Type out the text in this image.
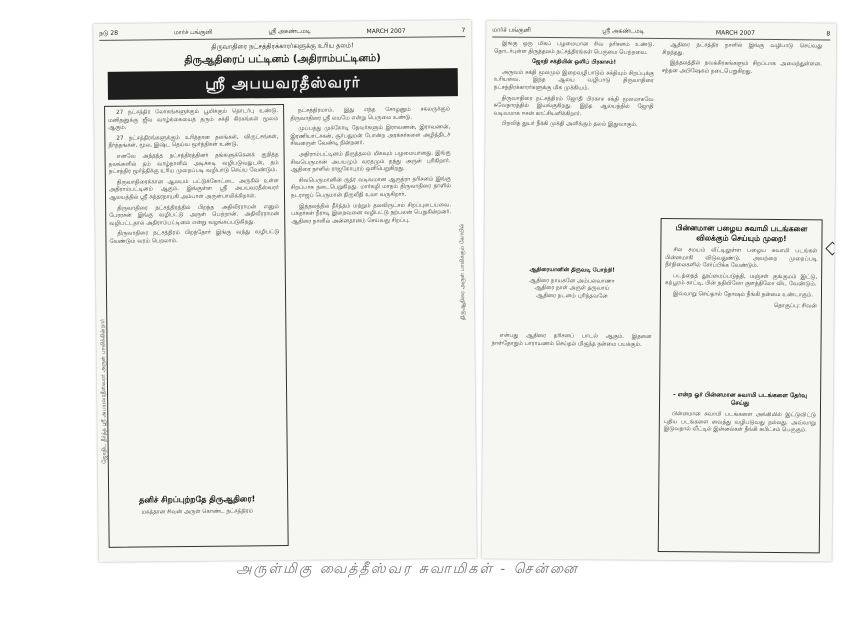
நடு 28	மார்ச் பங்குனி	ஸ்ரீ அகண்டமடி	MARCH 2007	7
திருவாதிரை நட்சத்திரக்காரர்களுக்கு உரிய தலம்!
திருஆதிரைப் பட்டினம் (அதிராம்பட்டினம்)
ஸ்ரீ அபயவரதீஸ்வரர்

27 நட்சத்திர லோகங்களுக்கும் பூமிக்கும் தொடர்பு உண்டு. மனிதனுக்கு ஜீவ வாழ்க்கையைத் தரும் சக்தி கிரகங்கள் மூலம் ஆகும்.

27 நட்சத்திரங்களுக்கும் உரித்தான தலங்கள், விருட்சங்கள், தீர்த்தங்கள், மூல, இஷ்ட தெய்வ மூர்த்திகள் உண்டு.

எனவே அந்தந்த நட்சத்திரத்தினர் தங்களுக்கெனக் குறித்த தலங்களில் தம் வாழ்நாளில் அடிக்கடி வழிபடுவதுடன், தம் நட்சத்திர மூர்த்திக்கு உரிய முறைப்படி வழிபாடு செய்ய வேண்டும்.

திருவாதிரைக்கான ஆலயம் பட்டுக்கோட்டை அருகில் உள்ள அதிராம்பட்டினம் ஆகும். இங்குள்ள ஸ்ரீ அபயவரதீஸ்வரர் ஆலயத்தில் ஸ்ரீ சுந்தரநாயகி அம்பாள் அருள்பாலிக்கிறாள்.

திருவாதிரை நட்சத்திரத்தில் பிறந்த அதிவீரராமன் எனும் பேரரசன் இங்கு வழிபட்டு அருள் பெற்றான். அதிவீரராமன் வழிபட்டதால் அதிராம்பட்டினம் என்று வழங்கப்படுகிறது.

திருவாதிரை நட்சத்திரம் பிறந்தோர் இங்கு வந்து வழிபட்டு வேண்டும் வரம் பெறலாம்.

தனிச் சிறப்புற்றதே திருஆதிரை!

மகத்தான சிவன் அருள் கொண்ட நட்சத்திரம்

நட்சத்திரமாம். இது எந்த சோழனும் சகலருக்கும் திருவாதிரை ஸ்ரீ லயமே என்று பெருமை உண்டு.

முப்பத்து முக்கோடி தேவர்களும் இராவணன், இராவணன், இரணியாட்சகன், சூர்பதுமன் போன்ற அரக்கர்களை அழித்திடச் சிவனருள் வேண்டி நின்றனர்.

அதிராம்பட்டினம் திருத்தலம் மிகவும் பழமையானது. இங்கு சிவபெருமான் அபயமும் வரதமும் தந்து அருள் புரிகிறார். ஆதிரை நாளில் ராஜகோபுரம் ஒளிபெறுகிறது.

சிவபெருமானின் ருத்ர வடிவமான ஆருத்ரா தரிசனம் இங்கு சிறப்பாக நடைபெறுகிறது. மார்கழி மாதம் திருவாதிரை நாளில் நடராஜப் பெருமான் திருவீதி உலா வருகிறார்.

இத்தலத்தில் தீர்த்தம் மற்றும் தலவிருட்சம் சிறப்புடையவை. பக்தர்கள் நீராடி இறைவனை வழிபட்டு நற்பலன் பெறுகின்றனர். ஆதிரை நாளில் அன்னதானம் செய்வது சிறப்பு.

ஜோதிட தீர்த்த ஸ்ரீ அபயவரதீஸ்வரர் அருள் பாலிக்கின்றார்
திருஆதிரை அருள் பாலிக்கும் கோயில்
மார்ச் பங்குனி	ஸ்ரீ அகண்டமடி	MARCH 2007	8

இங்கு ஒரு மிகப் பழமையான சிவ தரிசனம் உண்டு. தொடர்புள்ள திருத்தலம் நட்சத்திரங்கள் பெருமை பெற்றவை.

ஜோதி சக்தியின் ஒளிப் பிரகாசம்!

அருவம் சக்தி மூலமும் இறைவழிபாடும் சக்தியும் சிறப்புக்கு உரியவை. இந்த ஆலய வழிபாடு திருவாதிரை நட்சத்திரக்காரர்களுக்கு மிக முக்கியம்.

திருவாதிரை நட்சத்திரம் ஜோதி பிரகாச சக்தி மூலமாகவே சுவேதாரத்தில் இயங்குகிறது. இந்த ஆலயத்தில் ஜோதி வடிவமாக ஈசன் காட்சியளிக்கிறார்.

பிறவித் துயர் நீக்கி முக்தி அளிக்கும் தலம் இதுவாகும்.

ஆதிரையானின் திருவடி போற்றி!

ஆதிரை நாயகனே அம்பலவாணா

ஆதிரை நாள் அருள் தருவாய்

ஆதிரை நடனம் புரிந்தவனே

என்பது ஆதிரை தரிசனப் பாடல் ஆகும். இதனை நாள்தோறும் பாராயணம் செய்தல் மிகுந்த நன்மை பயக்கும்.

ஆதிரை நட்சத்திர நாளில் இங்கு வழிபாடு செய்வது சிறந்தது.

இத்தலத்தில் நவக்கிரகங்களும் சிறப்பாக அமைந்துள்ளன. சந்தன அபிஷேகம் நடைபெறுகிறது.

பின்னமான பழைய சுவாமி படங்களை விலக்கும் செய்யும் முறை!

சில சமயம் வீட்டிலுள்ள பழைய சுவாமி படங்கள் பின்னமாகி விடுவதுண்டு. அவற்றை முறைப்படி நீர்நிலைகளில் சேர்ப்பிக்க வேண்டும்.

படத்தைத் தூய்மைப்படுத்தி, மஞ்சள் குங்குமம் இட்டு, கற்பூரம் காட்டி, பின் நதியிலோ குளத்திலோ விட வேண்டும்.

இவ்வாறு செய்தால் தோஷம் நீங்கி நன்மை உண்டாகும்.

தொகுப்பு: சிவன்

- என்ற ஓர் பின்னமான சுவாமி படங்களை தேர்வு செய்து

பின்னமான சுவாமி படங்களை அங்கியில் இட்டுவிட்டு புதிய படங்களை வைத்து வழிபடுவது நல்லது. அவ்வாறு இடுவதால் வீட்டில் இன்னல்கள் நீங்கி சுபிட்சம் பெருகும்.

அருள்மிகு வைத்தீஸ்வர சுவாமிகள் ‐ சென்னை
